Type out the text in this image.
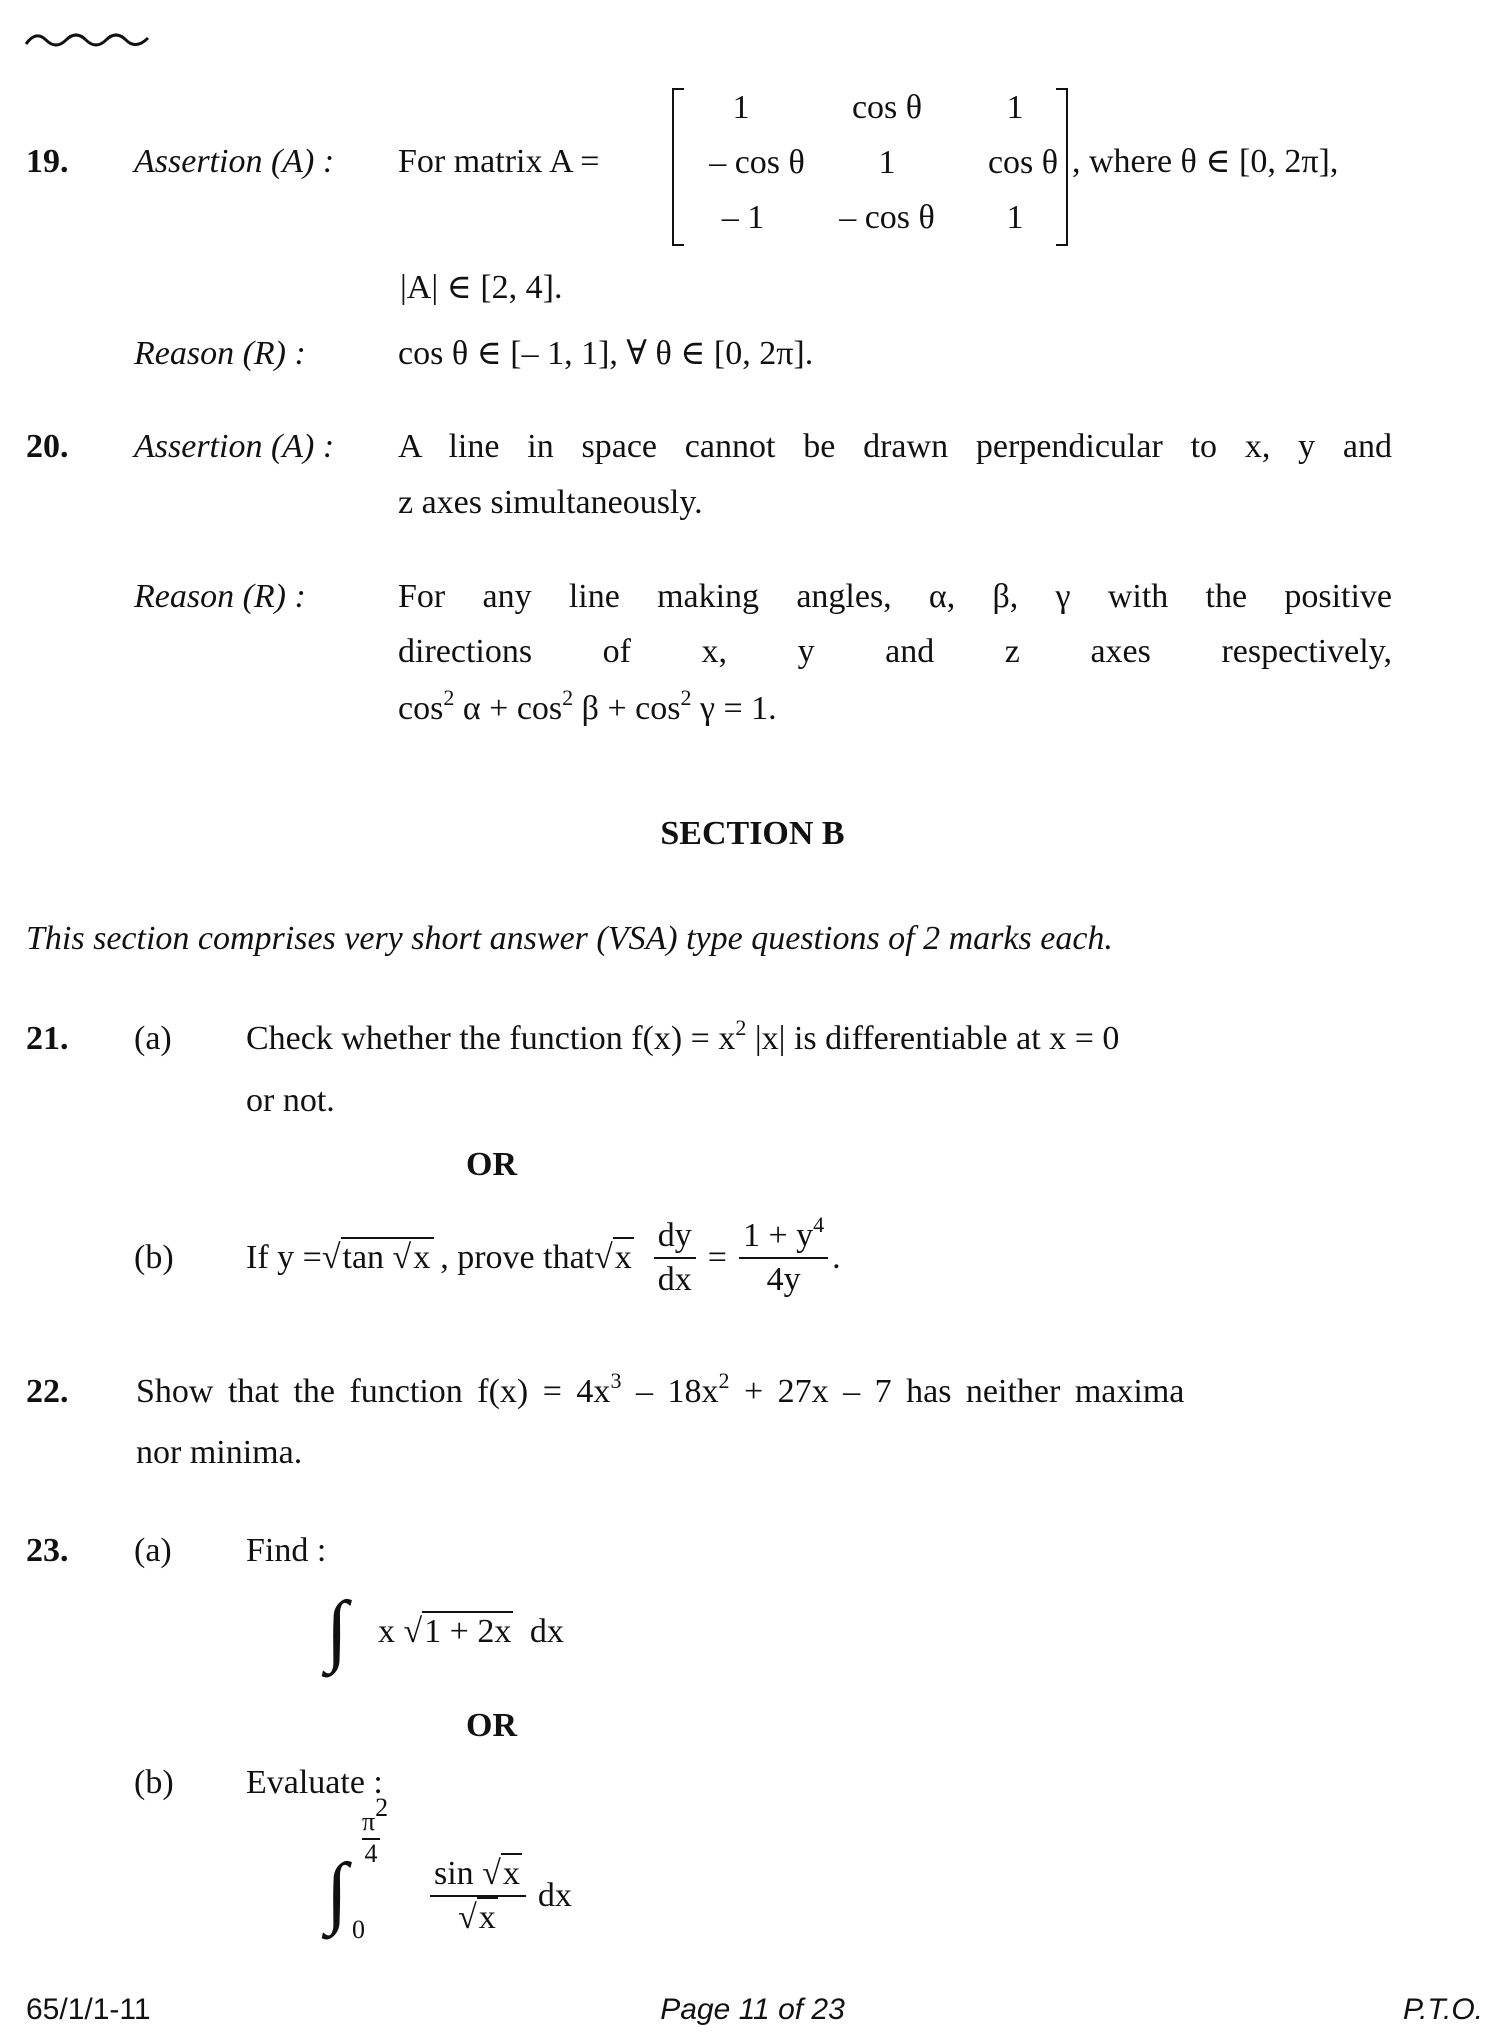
19. Assertion (A) : For matrix A =
1	cos θ	1
– cos θ	1	cos θ
– 1	– cos θ	1
, where θ ∈ [0, 2π],
|A| ∈ [2, 4].
Reason (R) :	cos θ ∈ [– 1, 1], ∀ θ ∈ [0, 2π].
20. Assertion (A) : A line in space cannot be drawn perpendicular to x, y and
z axes simultaneously.
Reason (R) :	For any line making angles, α, β, γ with the positive
directions of x, y and z axes respectively,
$\cos^2 \alpha + \cos^2 \beta + \cos^2 \gamma = 1$.
SECTION B
This section comprises very short answer (VSA) type questions of 2 marks each.
21. (a) Check whether the function $f(x) = x^2$ |x| is differentiable at x = 0
or not.
OR
(b) If y = √tan √x , prove that $√x \frac{dy}{dx} = \frac{1 + y^4}{4y}$ .
22. Show that the function $f(x) = 4x^3 - 18x^2 + 27x - 7$ has neither maxima
nor minima.
23. (a) Find :
∫ x √1 + 2x dx
OR
(b) Evaluate :
∫
$\pi^2$
4
$0 \frac{\sin √x}{√x}$ dx
65/1/1-11	Page 11 of 23	P.T.O.
